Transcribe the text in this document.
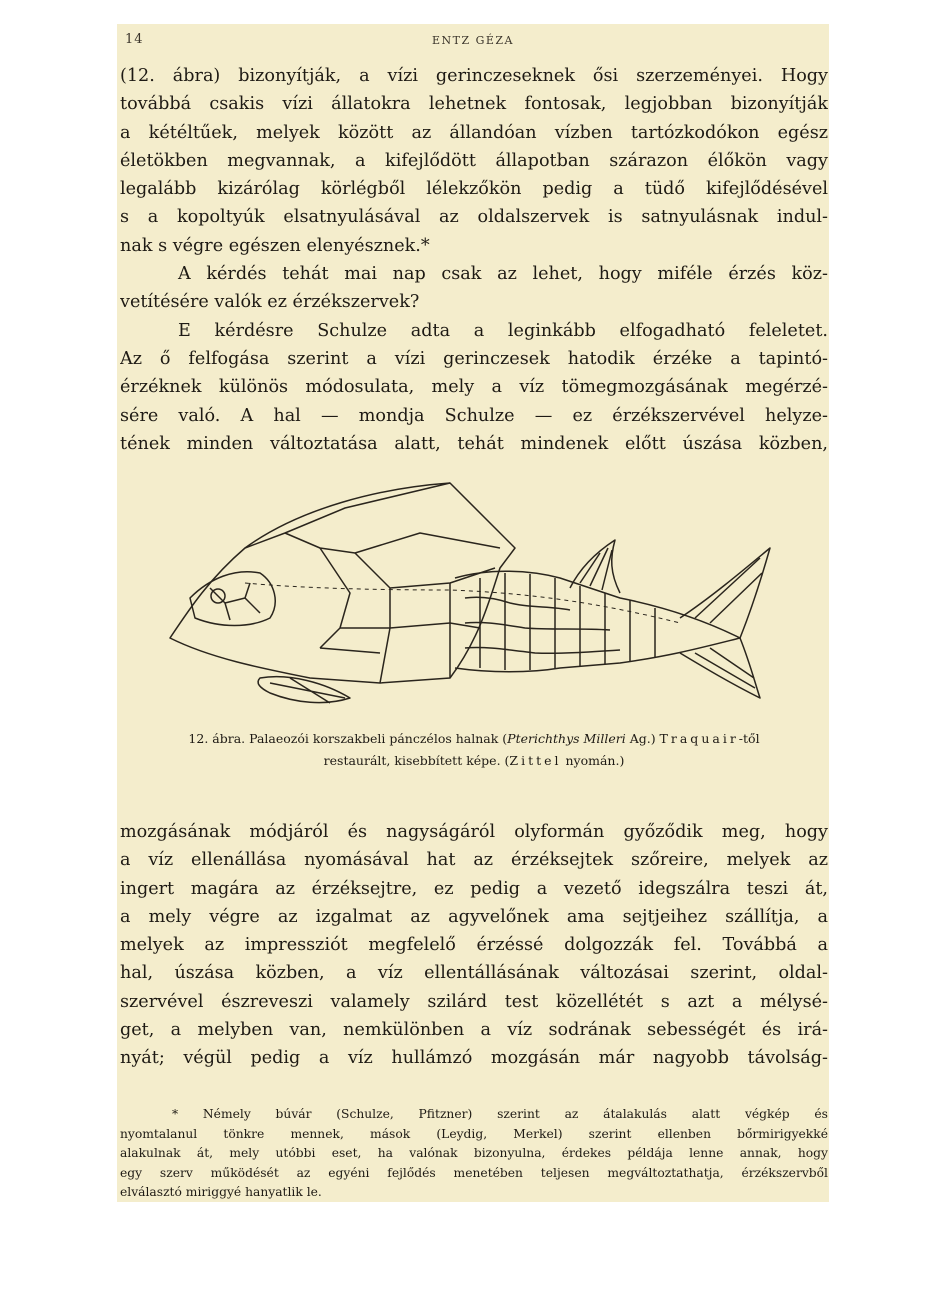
14	ENTZ GÉZA
(12. ábra) bizonyítják, a vízi gerinczeseknek ősi szerzeményei. Hogy
továbbá csakis vízi állatokra lehetnek fontosak, legjobban bizonyítják
a kétéltűek, melyek között az állandóan vízben tartózkodókon egész
életökben megvannak, a kifejlődött állapotban szárazon élőkön vagy
legalább kizárólag körlégből lélekzőkön pedig a tüdő kifejlődésével
s a kopoltyúk elsatnyulásával az oldalszervek is satnyulásnak indul-
nak s végre egészen elenyésznek.*
A kérdés tehát mai nap csak az lehet, hogy miféle érzés köz-
vetítésére valók ez érzékszervek?
E kérdésre Schulze adta a leginkább elfogadható feleletet.
Az ő felfogása szerint a vízi gerinczesek hatodik érzéke a tapintó-
érzéknek különös módosulata, mely a víz tömegmozgásának megérzé-
sére való. A hal — mondja Schulze — ez érzékszervével helyze-
tének minden változtatása alatt, tehát mindenek előtt úszása közben,
12. ábra. Palaeozói korszakbeli pánczélos halnak (Pterichthys Milleri Ag.) Traquair-től
restaurált, kisebbített képe. (Zittel nyomán.)
mozgásának módjáról és nagyságáról olyformán győződik meg, hogy
a víz ellenállása nyomásával hat az érzéksejtek szőreire, melyek az
ingert magára az érzéksejtre, ez pedig a vezető idegszálra teszi át,
a mely végre az izgalmat az agyvelőnek ama sejtjeihez szállítja, a
melyek az impressziót megfelelő érzéssé dolgozzák fel. Továbbá a
hal, úszása közben, a víz ellentállásának változásai szerint, oldal-
szervével észreveszi valamely szilárd test közellétét s azt a mélysé-
get, a melyben van, nemkülönben a víz sodrának sebességét és irá-
nyát; végül pedig a víz hullámzó mozgásán már nagyobb távolság-
* Némely búvár (Schulze, Pfitzner) szerint az átalakulás alatt végkép és
nyomtalanul tönkre mennek, mások (Leydig, Merkel) szerint ellenben bőrmirigyekké
alakulnak át, mely utóbbi eset, ha valónak bizonyulna, érdekes példája lenne annak, hogy
egy szerv működését az egyéni fejlődés menetében teljesen megváltoztathatja, érzékszervből
elválasztó miriggyé hanyatlik le.
